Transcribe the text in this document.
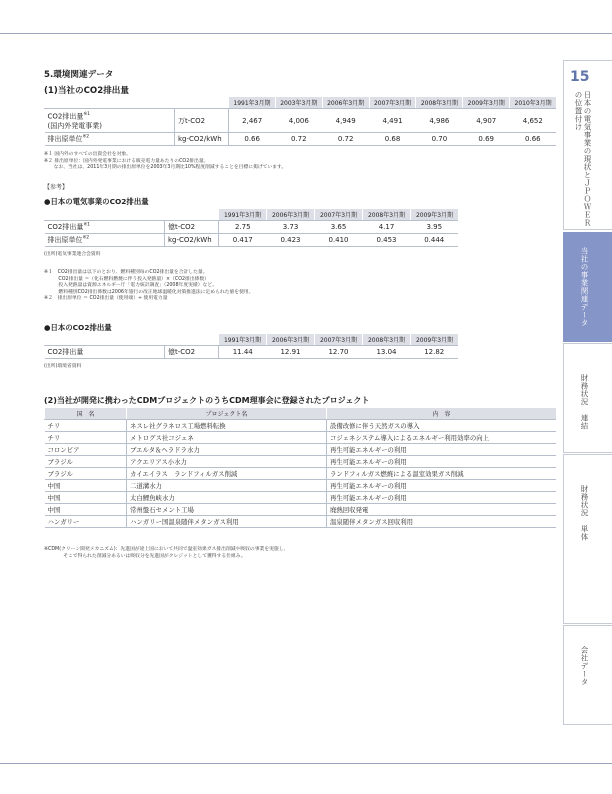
15
日本の電気事業の現状とＪＰＯＷＥＲの位置付け
当社の事業関連データ
財務状況　連結
財務状況　単体
会社データ
5.環境関連データ
(1)当社のCO2排出量
		1991年3月期	2003年3月期	2006年3月期	2007年3月期	2008年3月期	2009年3月期	2010年3月期
CO2排出量$^{※1}$
(国内外発電事業)	万t-CO2	2,467	4,006	4,949	4,491	4,986	4,907	4,652
排出原単位$^{※2}$	kg-CO2/kWh	0.66	0.72	0.72	0.68	0.70	0.69	0.66
※１ 国内外のすべての出資会社を対象。
※２ 排出原単位：国内外発電事業における販売電力量あたりのCO2排出量。
　　なお、当社は、2011年3月期の排出原単位を2003年3月期比10%程度削減することを目標に掲げています。
【参考】
●日本の電気事業のCO2排出量
		1991年3月期	2006年3月期	2007年3月期	2008年3月期	2009年3月期
CO2排出量$^{※1}$	億t-CO2	2.75	3.73	3.65	4.17	3.95
排出原単位$^{※2}$	kg-CO2/kWh	0.417	0.423	0.410	0.453	0.444
(出所)電気事業連合会資料
※１　CO2排出量は以下のとおり、燃料種別毎のCO2排出量を合計した量。
　　　CO2排出量 ＝（化石燃料燃焼に伴う投入発熱量）×（CO2排出係数）
　　　投入発熱量は資源エネルギー庁「電力統計調査」（2008年度実績）など。
　　　燃料種別CO2排出係数は2006年施行の改正地球温暖化対策推進法に定められた値を使用。
※２　排出原単位 ＝ CO2排出量（使用端）÷ 使用電力量
●日本のCO2排出量
		1991年3月期	2006年3月期	2007年3月期	2008年3月期	2009年3月期
CO2排出量	億t-CO2	11.44	12.91	12.70	13.04	12.82
(出所)環境省資料
(2)当社が開発に携わったCDMプロジェクトのうちCDM理事会に登録されたプロジェクト
国　名	プロジェクト名	内　容
チリ	ネスレ社グラネロス工場燃料転換	設備改修に伴う天然ガスの導入
チリ	メトログス社コジェネ	コジェネシステム導入によるエネルギー利用効率の向上
コロンビア	ブエルタ＆ヘラドラ水力	再生可能エネルギーの利用
ブラジル	アクエリアス小水力	再生可能エネルギーの利用
ブラジル	カイエイラス　ランドフィルガス削減	ランドフィルガス燃焼による温室効果ガス削減
中国	二道溝水力	再生可能エネルギーの利用
中国	太白鯉魚峡水力	再生可能エネルギーの利用
中国	常州盤石セメント工場	廃熱回収発電
ハンガリー	ハンガリー国温泉随伴メタンガス利用	温泉随伴メタンガス回収利用
※CDM(クリーン開発メカニズム)：先進国が途上国において共同で温室効果ガス排出削減や吸収の事業を実施し、
　　　　そこで得られた削減分あるいは吸収分を先進国がクレジットとして獲得する仕組み。
